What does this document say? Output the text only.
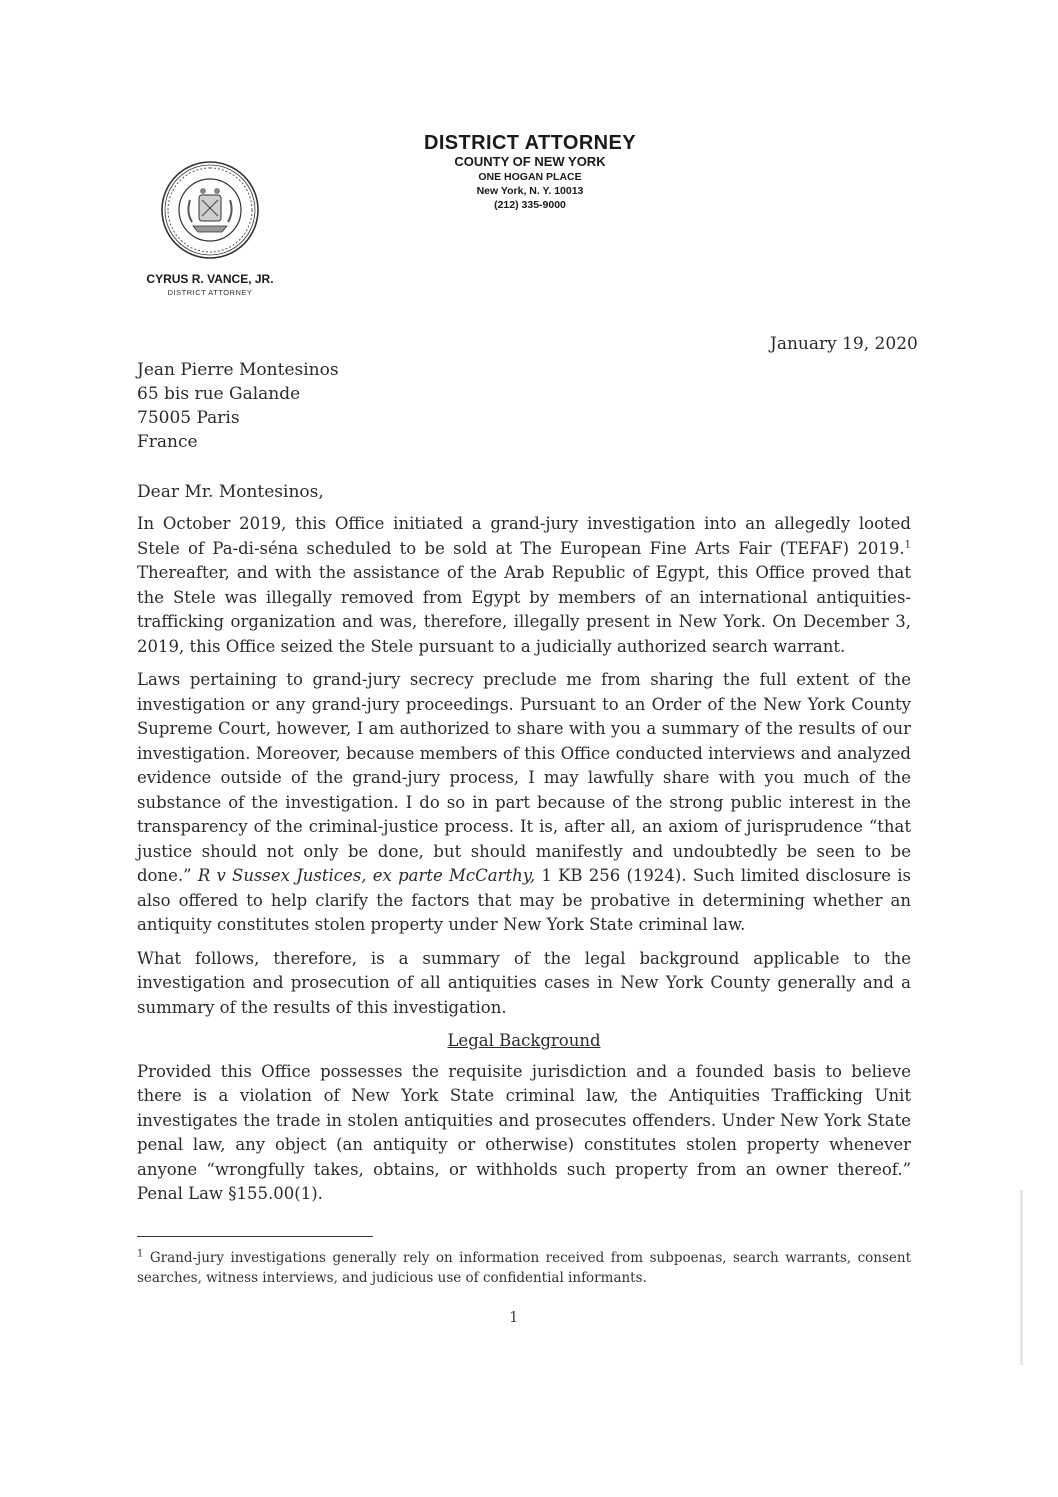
DISTRICT ATTORNEY
COUNTY OF NEW YORK
ONE HOGAN PLACE
New York, N. Y. 10013
(212) 335-9000
CYRUS R. VANCE, JR.
DISTRICT ATTORNEY
January 19, 2020
Jean Pierre Montesinos
65 bis rue Galande
75005 Paris
France
Dear Mr. Montesinos,

In October 2019, this Office initiated a grand-jury investigation into an allegedly looted Stele of Pa-di-séna scheduled to be sold at The European Fine Arts Fair (TEFAF) 2019.$^1$ Thereafter, and with the assistance of the Arab Republic of Egypt, this Office proved that the Stele was illegally removed from Egypt by members of an international antiquities-trafficking organization and was, therefore, illegally present in New York. On December 3, 2019, this Office seized the Stele pursuant to a judicially authorized search warrant.

Laws pertaining to grand-jury secrecy preclude me from sharing the full extent of the investigation or any grand-jury proceedings. Pursuant to an Order of the New York County Supreme Court, however, I am authorized to share with you a summary of the results of our investigation. Moreover, because members of this Office conducted interviews and analyzed evidence outside of the grand-jury process, I may lawfully share with you much of the substance of the investigation. I do so in part because of the strong public interest in the transparency of the criminal-justice process. It is, after all, an axiom of jurisprudence “that justice should not only be done, but should manifestly and undoubtedly be seen to be done.” R v Sussex Justices, ex parte McCarthy, 1 KB 256 (1924). Such limited disclosure is also offered to help clarify the factors that may be probative in determining whether an antiquity constitutes stolen property under New York State criminal law.

What follows, therefore, is a summary of the legal background applicable to the investigation and prosecution of all antiquities cases in New York County generally and a summary of the results of this investigation.

Legal Background

Provided this Office possesses the requisite jurisdiction and a founded basis to believe there is a violation of New York State criminal law, the Antiquities Trafficking Unit investigates the trade in stolen antiquities and prosecutes offenders. Under New York State penal law, any object (an antiquity or otherwise) constitutes stolen property whenever anyone “wrongfully takes, obtains, or withholds such property from an owner thereof.” Penal Law §155.00(1).

$^1$ Grand-jury investigations generally rely on information received from subpoenas, search warrants, consent searches, witness interviews, and judicious use of confidential informants.
1
